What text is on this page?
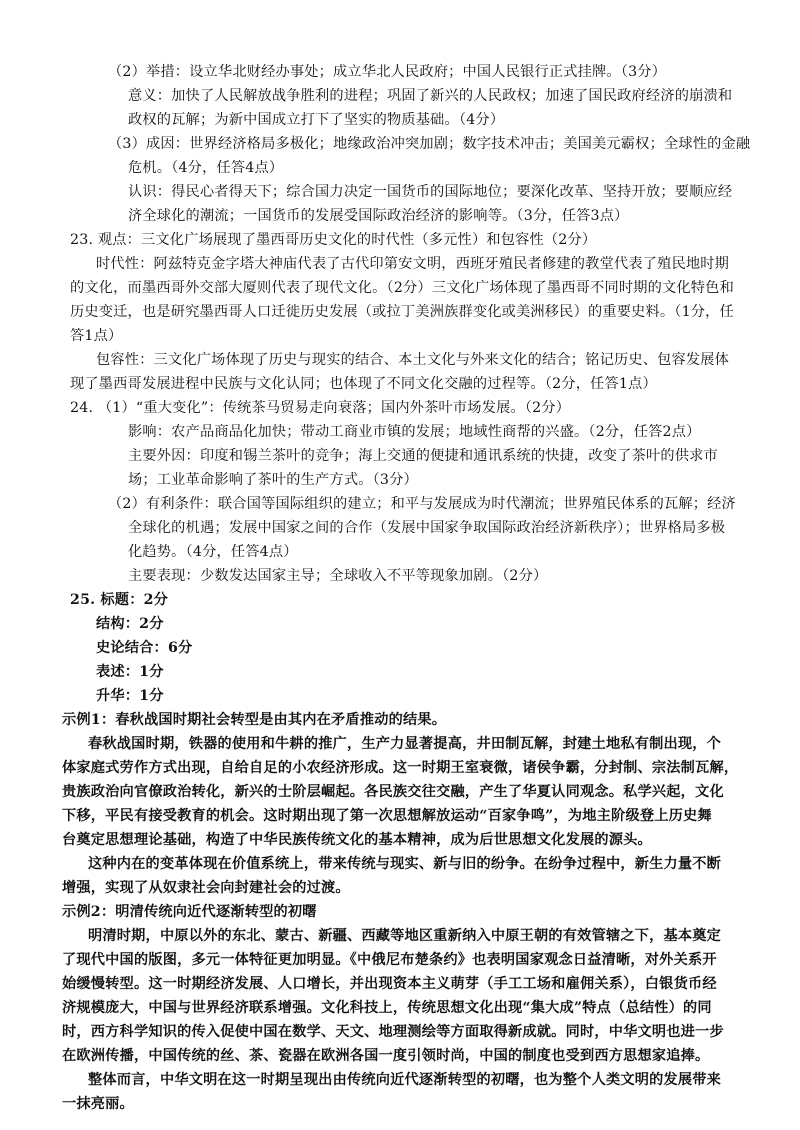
（2）举措：设立华北财经办事处；成立华北人民政府；中国人民银行正式挂牌。（3分）
意义：加快了人民解放战争胜利的进程；巩固了新兴的人民政权；加速了国民政府经济的崩溃和
政权的瓦解；为新中国成立打下了坚实的物质基础。（4分）
（3）成因：世界经济格局多极化；地缘政治冲突加剧；数字技术冲击；美国美元霸权；全球性的金融
危机。（4分，任答4点）
认识：得民心者得天下；综合国力决定一国货币的国际地位；要深化改革、坚持开放；要顺应经
济全球化的潮流；一国货币的发展受国际政治经济的影响等。（3分，任答3点）
23. 观点：三文化广场展现了墨西哥历史文化的时代性（多元性）和包容性（2分）
时代性：阿兹特克金字塔大神庙代表了古代印第安文明，西班牙殖民者修建的教堂代表了殖民地时期
的文化，而墨西哥外交部大厦则代表了现代文化。（2分）三文化广场体现了墨西哥不同时期的文化特色和
历史变迁，也是研究墨西哥人口迁徙历史发展（或拉丁美洲族群变化或美洲移民）的重要史料。（1分，任
答1点）
包容性：三文化广场体现了历史与现实的结合、本土文化与外来文化的结合；铭记历史、包容发展体
现了墨西哥发展进程中民族与文化认同；也体现了不同文化交融的过程等。（2分，任答1点）
24. （1）“重大变化”：传统茶马贸易走向衰落；国内外茶叶市场发展。（2分）
影响：农产品商品化加快；带动工商业市镇的发展；地域性商帮的兴盛。（2分，任答2点）
主要外因：印度和锡兰茶叶的竞争；海上交通的便捷和通讯系统的快捷，改变了茶叶的供求市
场；工业革命影响了茶叶的生产方式。（3分）
（2）有利条件：联合国等国际组织的建立；和平与发展成为时代潮流；世界殖民体系的瓦解；经济
全球化的机遇；发展中国家之间的合作（发展中国家争取国际政治经济新秩序）；世界格局多极
化趋势。（4分，任答4点）
主要表现：少数发达国家主导；全球收入不平等现象加剧。（2分）
25. 标题：2分
结构：2分
史论结合：6分
表述：1分
升华：1分
示例1：春秋战国时期社会转型是由其内在矛盾推动的结果。
春秋战国时期，铁器的使用和牛耕的推广，生产力显著提高，井田制瓦解，封建土地私有制出现，个
体家庭式劳作方式出现，自给自足的小农经济形成。这一时期王室衰微，诸侯争霸，分封制、宗法制瓦解，
贵族政治向官僚政治转化，新兴的士阶层崛起。各民族交往交融，产生了华夏认同观念。私学兴起，文化
下移，平民有接受教育的机会。这时期出现了第一次思想解放运动“百家争鸣”，为地主阶级登上历史舞
台奠定思想理论基础，构造了中华民族传统文化的基本精神，成为后世思想文化发展的源头。
这种内在的变革体现在价值系统上，带来传统与现实、新与旧的纷争。在纷争过程中，新生力量不断
增强，实现了从奴隶社会向封建社会的过渡。
示例2：明清传统向近代逐渐转型的初曙
明清时期，中原以外的东北、蒙古、新疆、西藏等地区重新纳入中原王朝的有效管辖之下，基本奠定
了现代中国的版图，多元一体特征更加明显。《中俄尼布楚条约》也表明国家观念日益清晰，对外关系开
始缓慢转型。这一时期经济发展、人口增长，并出现资本主义萌芽（手工工场和雇佣关系），白银货币经
济规模庞大，中国与世界经济联系增强。文化科技上，传统思想文化出现“集大成”特点（总结性）的同
时，西方科学知识的传入促使中国在数学、天文、地理测绘等方面取得新成就。同时，中华文明也进一步
在欧洲传播，中国传统的丝、茶、瓷器在欧洲各国一度引领时尚，中国的制度也受到西方思想家追捧。
整体而言，中华文明在这一时期呈现出由传统向近代逐渐转型的初曙，也为整个人类文明的发展带来
一抹亮丽。
